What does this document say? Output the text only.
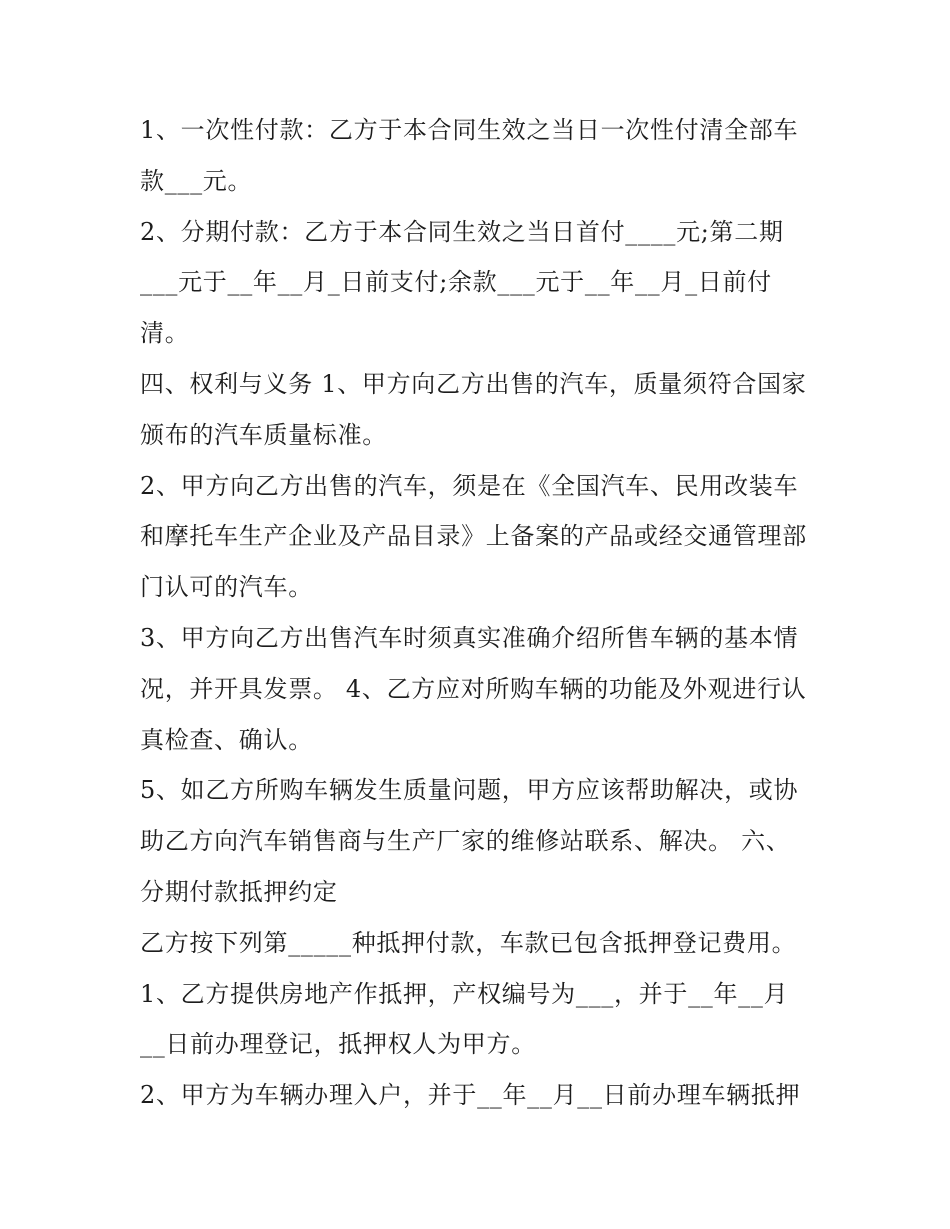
1、一次性付款：乙方于本合同生效之当日一次性付清全部车
款___元。
2、分期付款：乙方于本合同生效之当日首付____元;第二期
___元于__年__月_日前支付;余款___元于__年__月_日前付
清。
四、权利与义务 1、甲方向乙方出售的汽车，质量须符合国家
颁布的汽车质量标准。
2、甲方向乙方出售的汽车，须是在《全国汽车、民用改装车
和摩托车生产企业及产品目录》上备案的产品或经交通管理部
门认可的汽车。
3、甲方向乙方出售汽车时须真实准确介绍所售车辆的基本情
况，并开具发票。 4、乙方应对所购车辆的功能及外观进行认
真检查、确认。
5、如乙方所购车辆发生质量问题，甲方应该帮助解决，或协
助乙方向汽车销售商与生产厂家的维修站联系、解决。 六、
分期付款抵押约定
乙方按下列第_____种抵押付款，车款已包含抵押登记费用。
1、乙方提供房地产作抵押，产权编号为___，并于__年__月
__日前办理登记，抵押权人为甲方。
2、甲方为车辆办理入户，并于__年__月__日前办理车辆抵押
